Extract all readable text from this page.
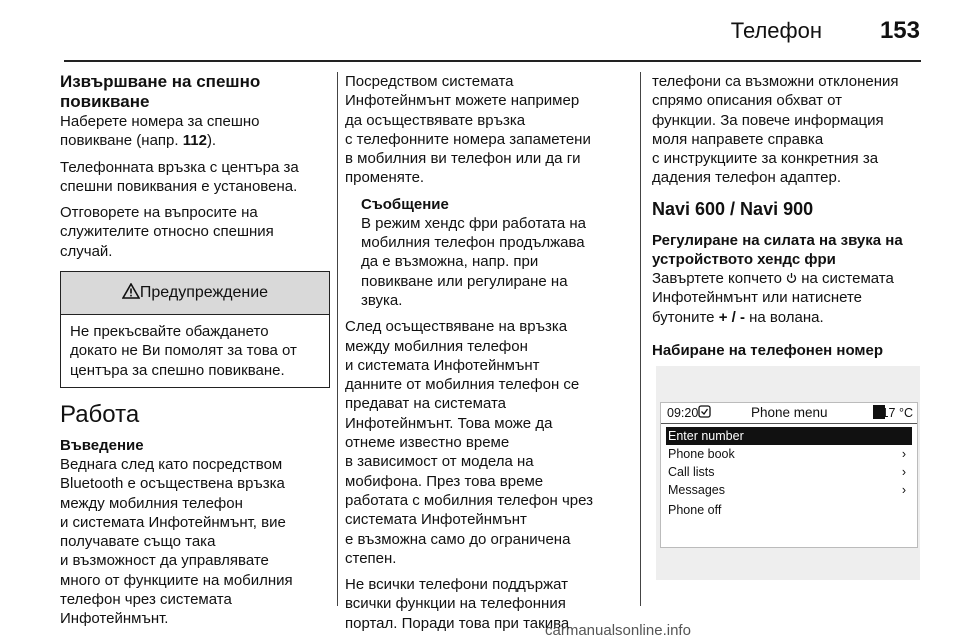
Телефон 153
Извършване на спешно
повикване
Наберете номера за спешно
повикване (напр. 112).
Телефонната връзка с центъра за
спешни повиквания е установена.
Отговорете на въпросите на
служителите относно спешния
случай.
Предупреждение
Не прекъсвайте обаждането
докато не Ви помолят за това от
центъра за спешно повикване.
Работа
Въведение
Веднага след като посредством
Bluetooth е осъществена връзка
между мобилния телефон
и системата Инфотейнмънт, вие
получавате също така
и възможност да управлявате
много от функциите на мобилния
телефон чрез системата
Инфотейнмънт.
Посредством системата
Инфотейнмънт можете например
да осъществявате връзка
с телефонните номера запаметени
в мобилния ви телефон или да ги
променяте.
Съобщение
В режим хендс фри работата на
мобилния телефон продължава
да е възможна, напр. при
повикване или регулиране на
звука.
След осъществяване на връзка
между мобилния телефон
и системата Инфотейнмънт
данните от мобилния телефон се
предават на системата
Инфотейнмънт. Това може да
отнеме известно време
в зависимост от модела на
мобифона. През това време
работата с мобилния телефон чрез
системата Инфотейнмънт
е възможна само до ограничена
степен.
Не всички телефони поддържат
всички функции на телефонния
портал. Поради това при такива
телефони са възможни отклонения
спрямо описания обхват от
функции. За повече информация
моля направете справка
с инструкциите за конкретния за
дадения телефон адаптер.
Navi 600 / Navi 900
Регулиране на силата на звука на
устройството хендс фри
Завъртете копчето  на системата
Инфотейнмънт или натиснете
бутоните + / - на волана.
Набиране на телефонен номер
09:20	Phone menu	17 °C
Enter number
Phone book	›
Call lists	›
Messages	›
Phone off
carmanualsonline.info
